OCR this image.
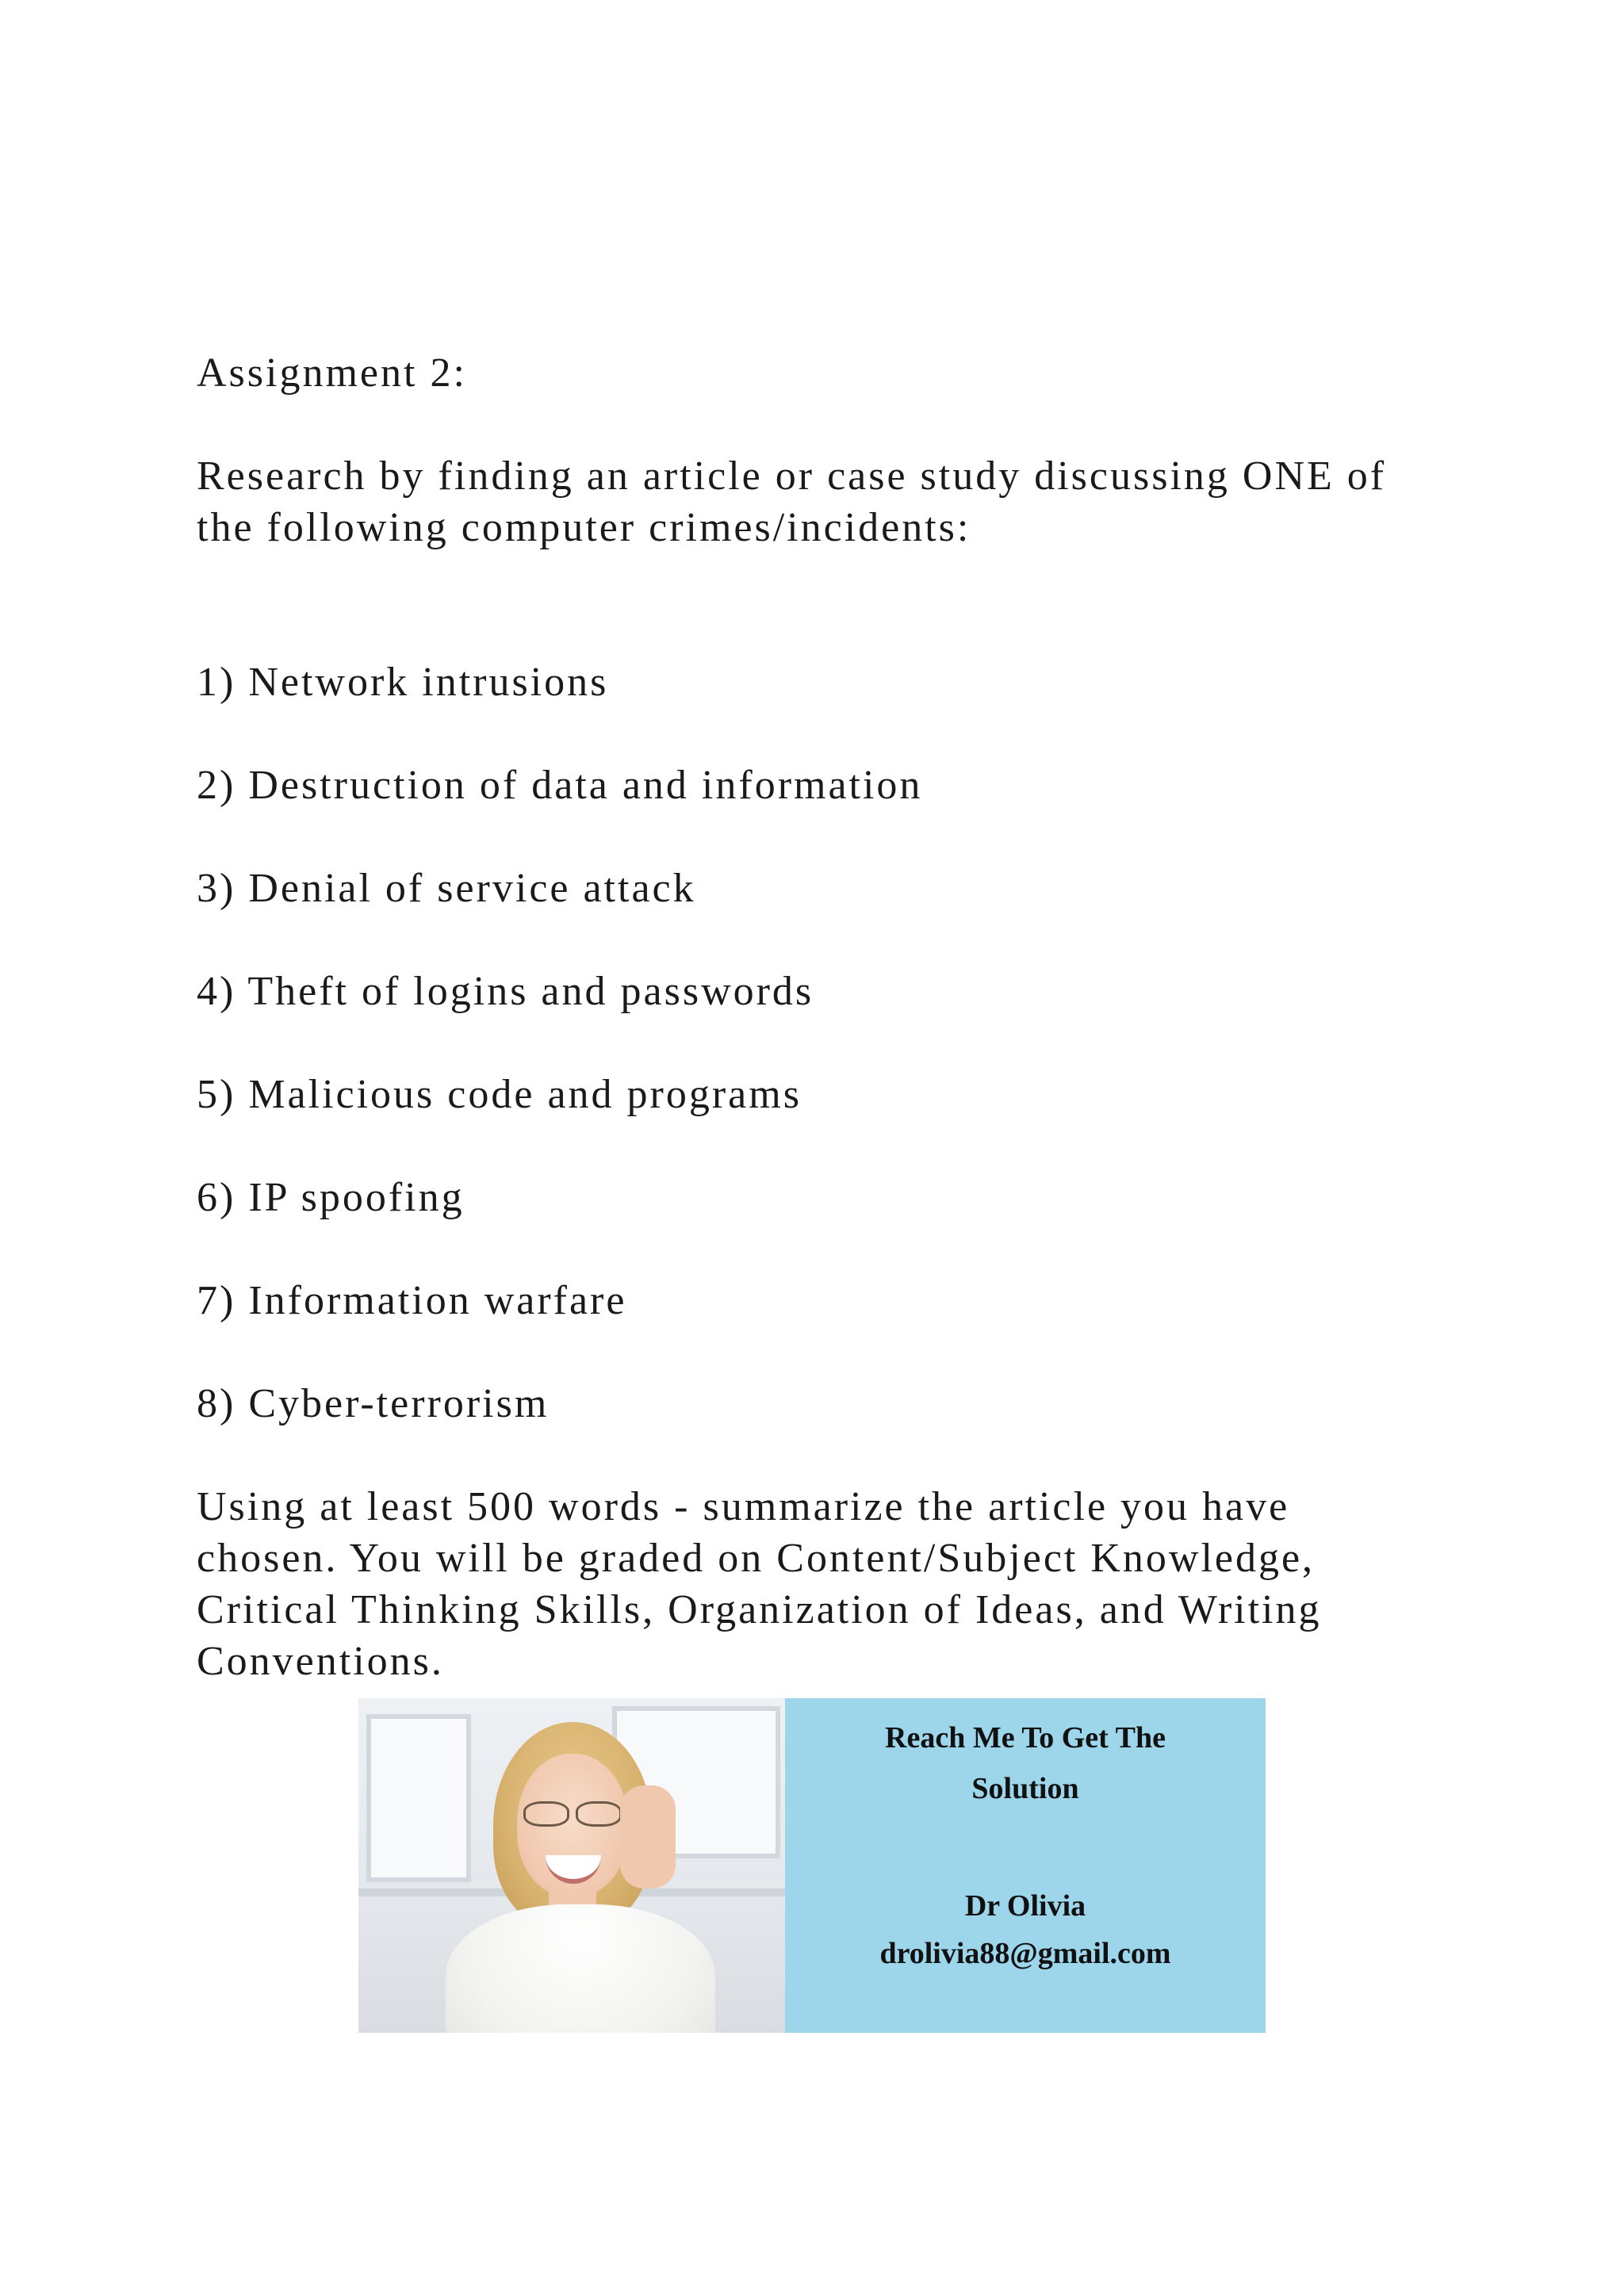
Assignment 2:

Research by finding an article or case study discussing ONE of

the following computer crimes/incidents:

1) Network intrusions

2) Destruction of data and information

3) Denial of service attack

4) Theft of logins and passwords

5) Malicious code and programs

6) IP spoofing

7) Information warfare

8) Cyber-terrorism

Using at least 500 words - summarize the article you have

chosen. You will be graded on Content/Subject Knowledge,

Critical Thinking Skills, Organization of Ideas, and Writing

Conventions.

Reach Me To Get The
Solution
Dr Olivia
drolivia88@gmail.com
